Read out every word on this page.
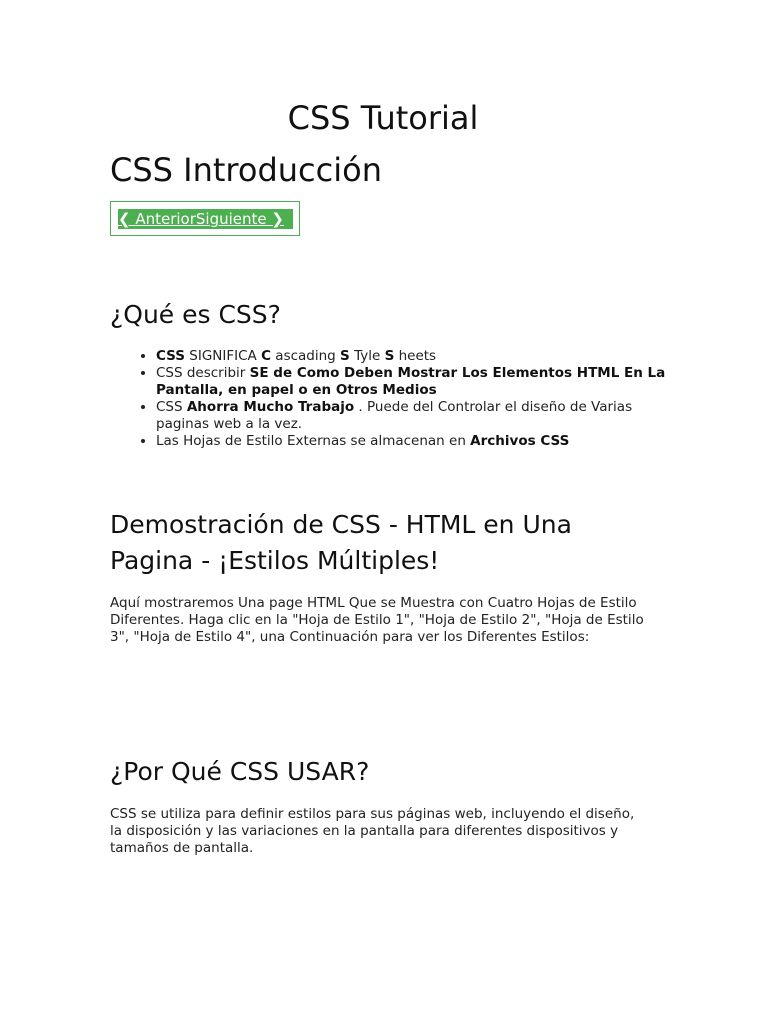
CSS Tutorial
CSS Introducción
❮ AnteriorSiguiente ❯
¿Qué es CSS?
• CSS SIGNIFICA C ascading S Tyle S heets
• CSS describir SE de Como Deben Mostrar Los Elementos HTML En La Pantalla, en papel o en Otros Medios
• CSS Ahorra Mucho Trabajo . Puede del Controlar el diseño de Varias paginas web a la vez.
• Las Hojas de Estilo Externas se almacenan en Archivos CSS
Demostración de CSS - HTML en Una Pagina - ¡Estilos Múltiples!

Aquí mostraremos Una page HTML Que se Muestra con Cuatro Hojas de Estilo Diferentes. Haga clic en la "Hoja de Estilo 1", "Hoja de Estilo 2", "Hoja de Estilo 3", "Hoja de Estilo 4", una Continuación para ver los Diferentes Estilos:

¿Por Qué CSS USAR?

CSS se utiliza para definir estilos para sus páginas web, incluyendo el diseño, la disposición y las variaciones en la pantalla para diferentes dispositivos y tamaños de pantalla.
